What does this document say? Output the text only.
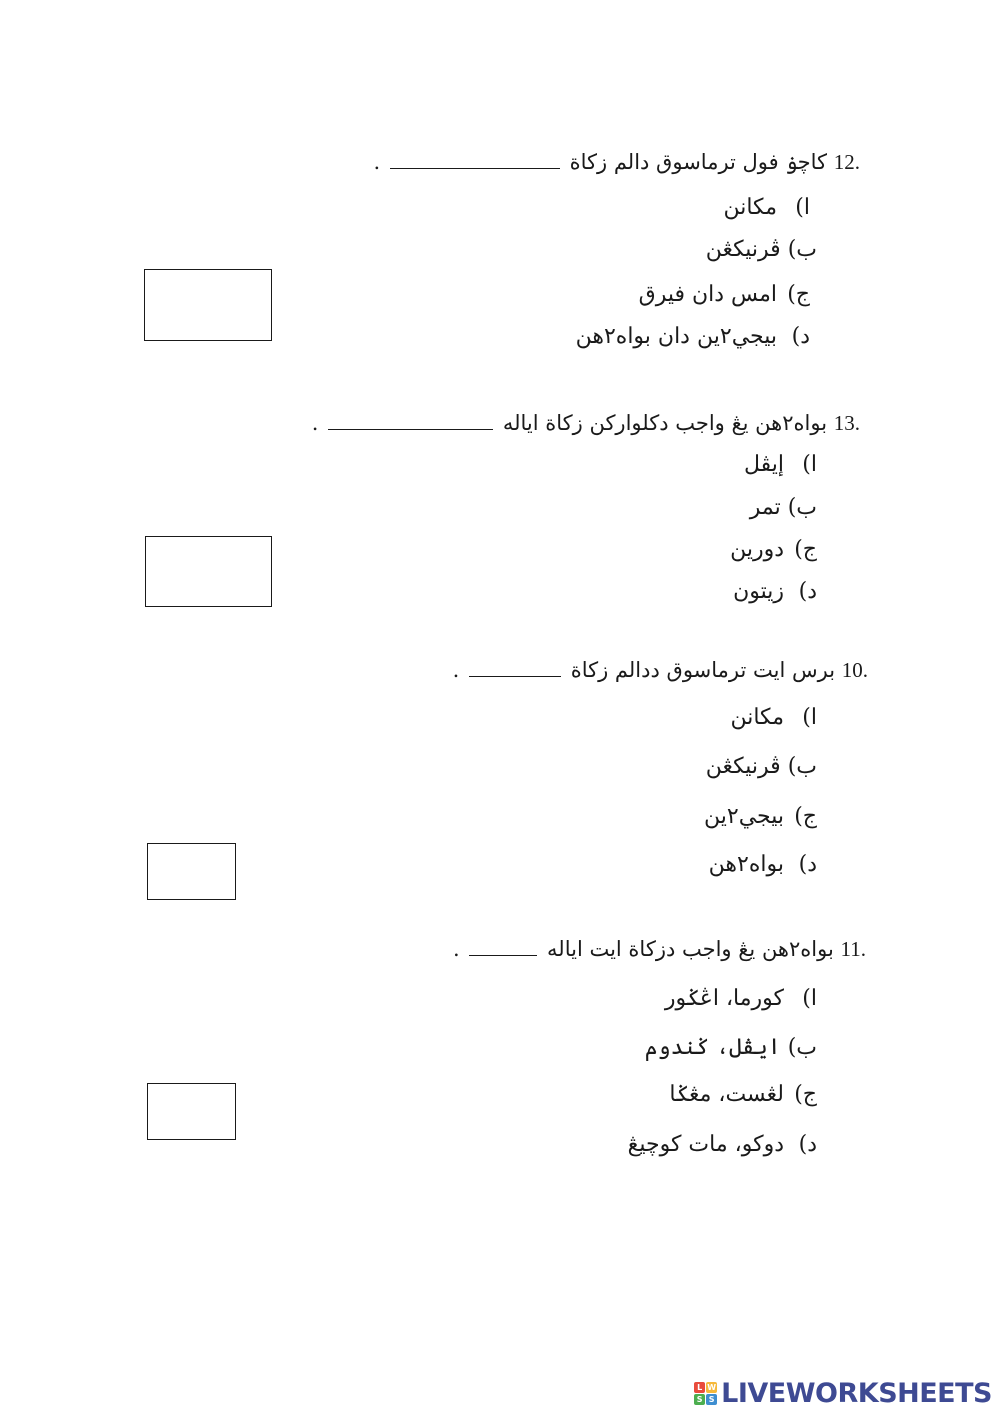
.12 كاچۏ فول ترماسوق دالم زكاة  .
ا) مكانن
ب) ڤرنيکڠن
ج) امس دان فيرق
د) بيجي٢ين دان بواه٢هن
.13 بواه٢هن يڠ واجب دکلوارکن زكاة اياله  .
ا) إيڤل
ب) تمر
ج) دورين
د) زيتون
.10 برس ايت ترماسوق ددالم زكاة  .
ا) مكانن
ب) ڤرنيکڠن
ج) بيجي٢ين
د) بواه٢هن
.11 بواه٢هن يڠ واجب دزكاة ايت اياله  .
ا) كورما، اڠݢور
ب) ايڤل، ݢندوم
ج) لڠست، مڠݢا
د) دوكو، مات كوچيڠ
L W
S S LIVEWORKSHEETS
